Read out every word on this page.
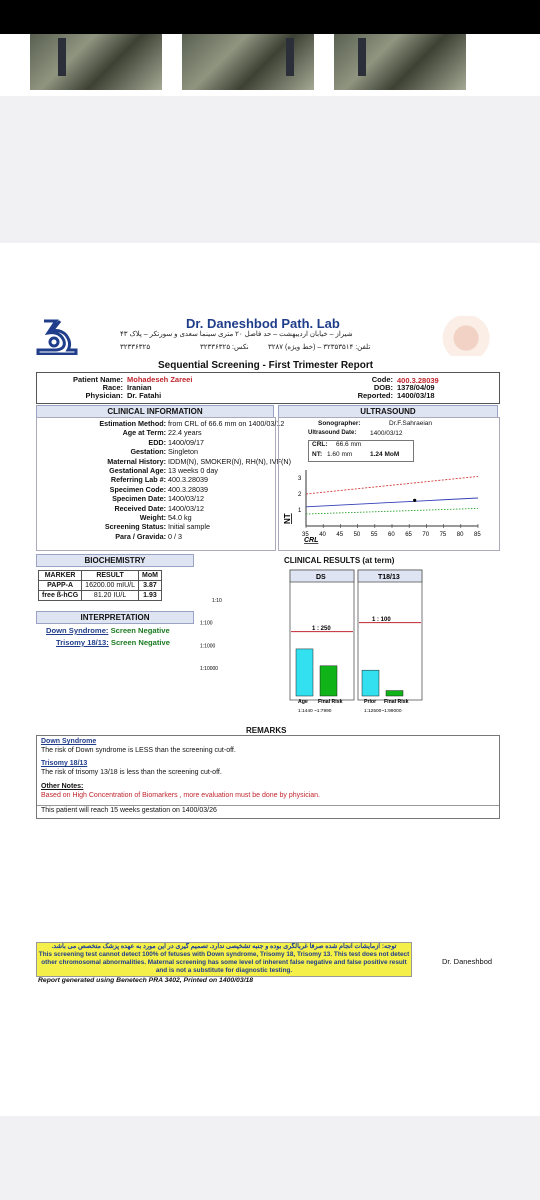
Dr. Daneshbod Path. Lab
شیراز – خیابان اردیبهشت – حد فاصل ۲۰ متری سینما سعدی و سورتکر – پلاک ۴۳
۳۲۳۳۶۳۲۵	تلفن: ۳۲۳۵۳۵۱۴ – (خط ویژه) ۳۲۸۷
نکس: ۳۲۳۳۶۳۲۵
Sequential Screening - First Trimester Report
Patient Name: Mohadeseh Zareei
Race: Iranian
Physician: Dr. Fatahi
Code: 400.3.28039
DOB: 1378/04/09
Reported: 1400/03/18
CLINICAL INFORMATION
Estimation Method: from CRL of 66.6 mm on 1400/03/12
Age at Term: 22.4 years
EDD: 1400/09/17
Gestation: Singleton
Maternal History: IDDM(N), SMOKER(N), RH(N), IVF(N)
Gestational Age: 13 weeks 0 day
Referring Lab #: 400.3.28039
Specimen Code: 400.3.28039
Specimen Date: 1400/03/12
Received Date: 1400/03/12
Weight: 54.0 kg
Screening Status: Initial sample
Para / Gravida: 0 / 3
ULTRASOUND
Sonographer:	Dr.F.Sahraeian
Ultrasound Date: 1400/03/12
CRL: 66.6 mm
NT: 1.60 mm	1.24 MoM
1
2
3
35 40 45 50 55 60 65 70 75 80 85
NT
CRL
BIOCHEMISTRY
MARKER	RESULT	MoM
PAPP-A	16200.00 mIU/L	3.87
free ß-hCG	81.20 IU/L	1.93
INTERPRETATION
Down Syndrome: Screen Negative
Trisomy 18/13: Screen Negative
CLINICAL RESULTS (at term)
1:10
1:100
1:1000
1:10000
DS
1 : 250
T18/13
1 : 100
Age Final Risk	Prior Final Risk
1:1440 ~1:7990	1:12500~1:99000
REMARKS
Down Syndrome
The risk of Down syndrome is LESS than the screening cut-off.
Trisomy 18/13
The risk of trisomy 13/18 is less than the screening cut-off.
Other Notes:
Based on High Concentration of Biomarkers , more evaluation must be done by physician.
This patient will reach 15 weeks gestation on 1400/03/26
توجه: آزمایشات انجام شده صرفا غربالگری بوده و جنبه تشخیصی ندارد. تصمیم گیری در این مورد به عهده پزشک متخصص می باشد.
This screening test cannot detect 100% of fetuses with Down syndrome, Trisomy 18, Trisomy 13. This test does not detect other chromosomal abnormalities. Maternal screening has some level of inherent false negative and false positive result and is not a substitute for diagnostic testing.
Dr. Daneshbod
Report generated using Benetech PRA 3402, Printed on 1400/03/18
